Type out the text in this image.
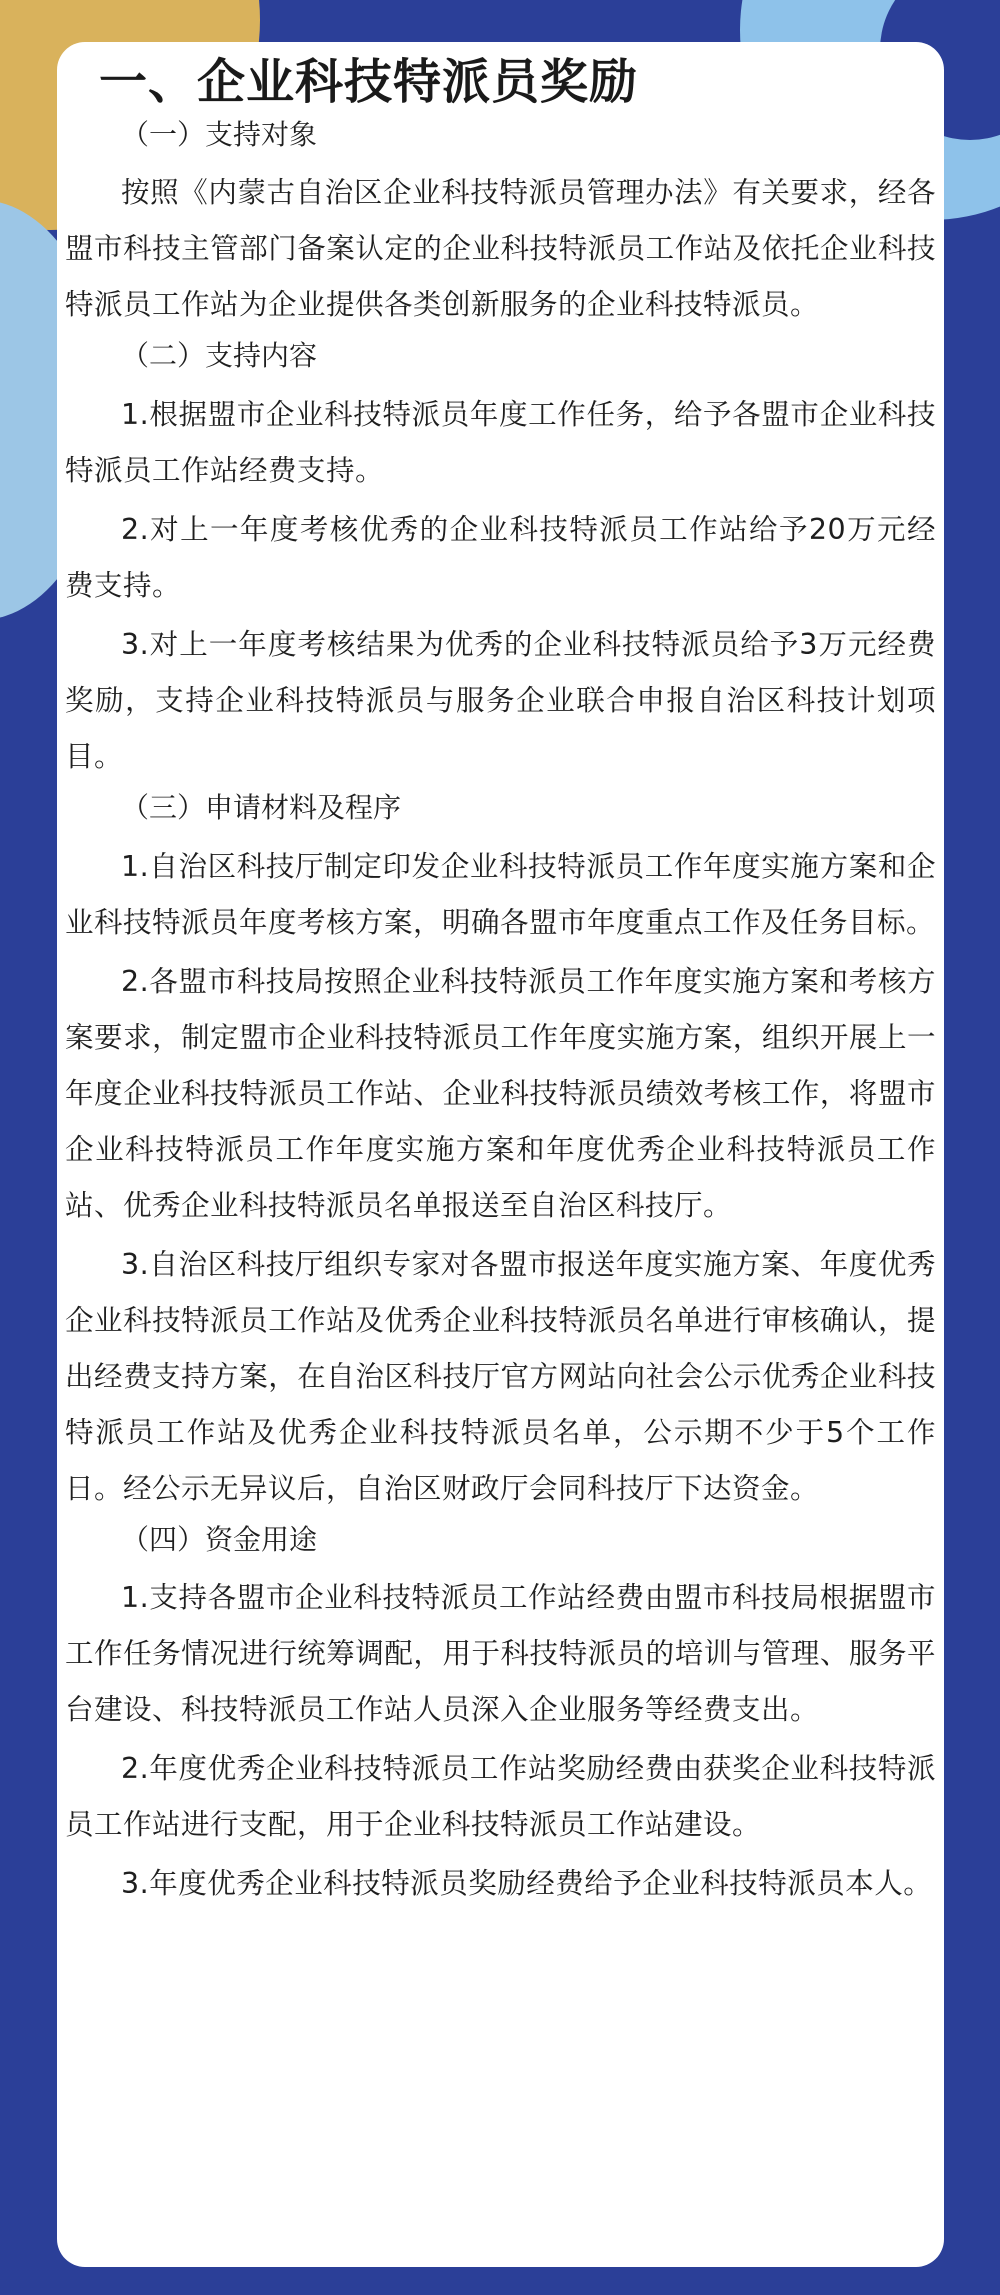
一、企业科技特派员奖励
（一）支持对象

按照《内蒙古自治区企业科技特派员管理办法》有关要求，经各盟市科技主管部门备案认定的企业科技特派员工作站及依托企业科技特派员工作站为企业提供各类创新服务的企业科技特派员。

（二）支持内容

1.根据盟市企业科技特派员年度工作任务，给予各盟市企业科技特派员工作站经费支持。

2.对上一年度考核优秀的企业科技特派员工作站给予20万元经费支持。

3.对上一年度考核结果为优秀的企业科技特派员给予3万元经费奖励，支持企业科技特派员与服务企业联合申报自治区科技计划项目。

（三）申请材料及程序

1.自治区科技厅制定印发企业科技特派员工作年度实施方案和企业科技特派员年度考核方案，明确各盟市年度重点工作及任务目标。

2.各盟市科技局按照企业科技特派员工作年度实施方案和考核方案要求，制定盟市企业科技特派员工作年度实施方案，组织开展上一年度企业科技特派员工作站、企业科技特派员绩效考核工作，将盟市企业科技特派员工作年度实施方案和年度优秀企业科技特派员工作站、优秀企业科技特派员名单报送至自治区科技厅。

3.自治区科技厅组织专家对各盟市报送年度实施方案、年度优秀企业科技特派员工作站及优秀企业科技特派员名单进行审核确认，提出经费支持方案，在自治区科技厅官方网站向社会公示优秀企业科技特派员工作站及优秀企业科技特派员名单，公示期不少于5个工作日。经公示无异议后，自治区财政厅会同科技厅下达资金。

（四）资金用途

1.支持各盟市企业科技特派员工作站经费由盟市科技局根据盟市工作任务情况进行统筹调配，用于科技特派员的培训与管理、服务平台建设、科技特派员工作站人员深入企业服务等经费支出。

2.年度优秀企业科技特派员工作站奖励经费由获奖企业科技特派员工作站进行支配，用于企业科技特派员工作站建设。

3.年度优秀企业科技特派员奖励经费给予企业科技特派员本人。
